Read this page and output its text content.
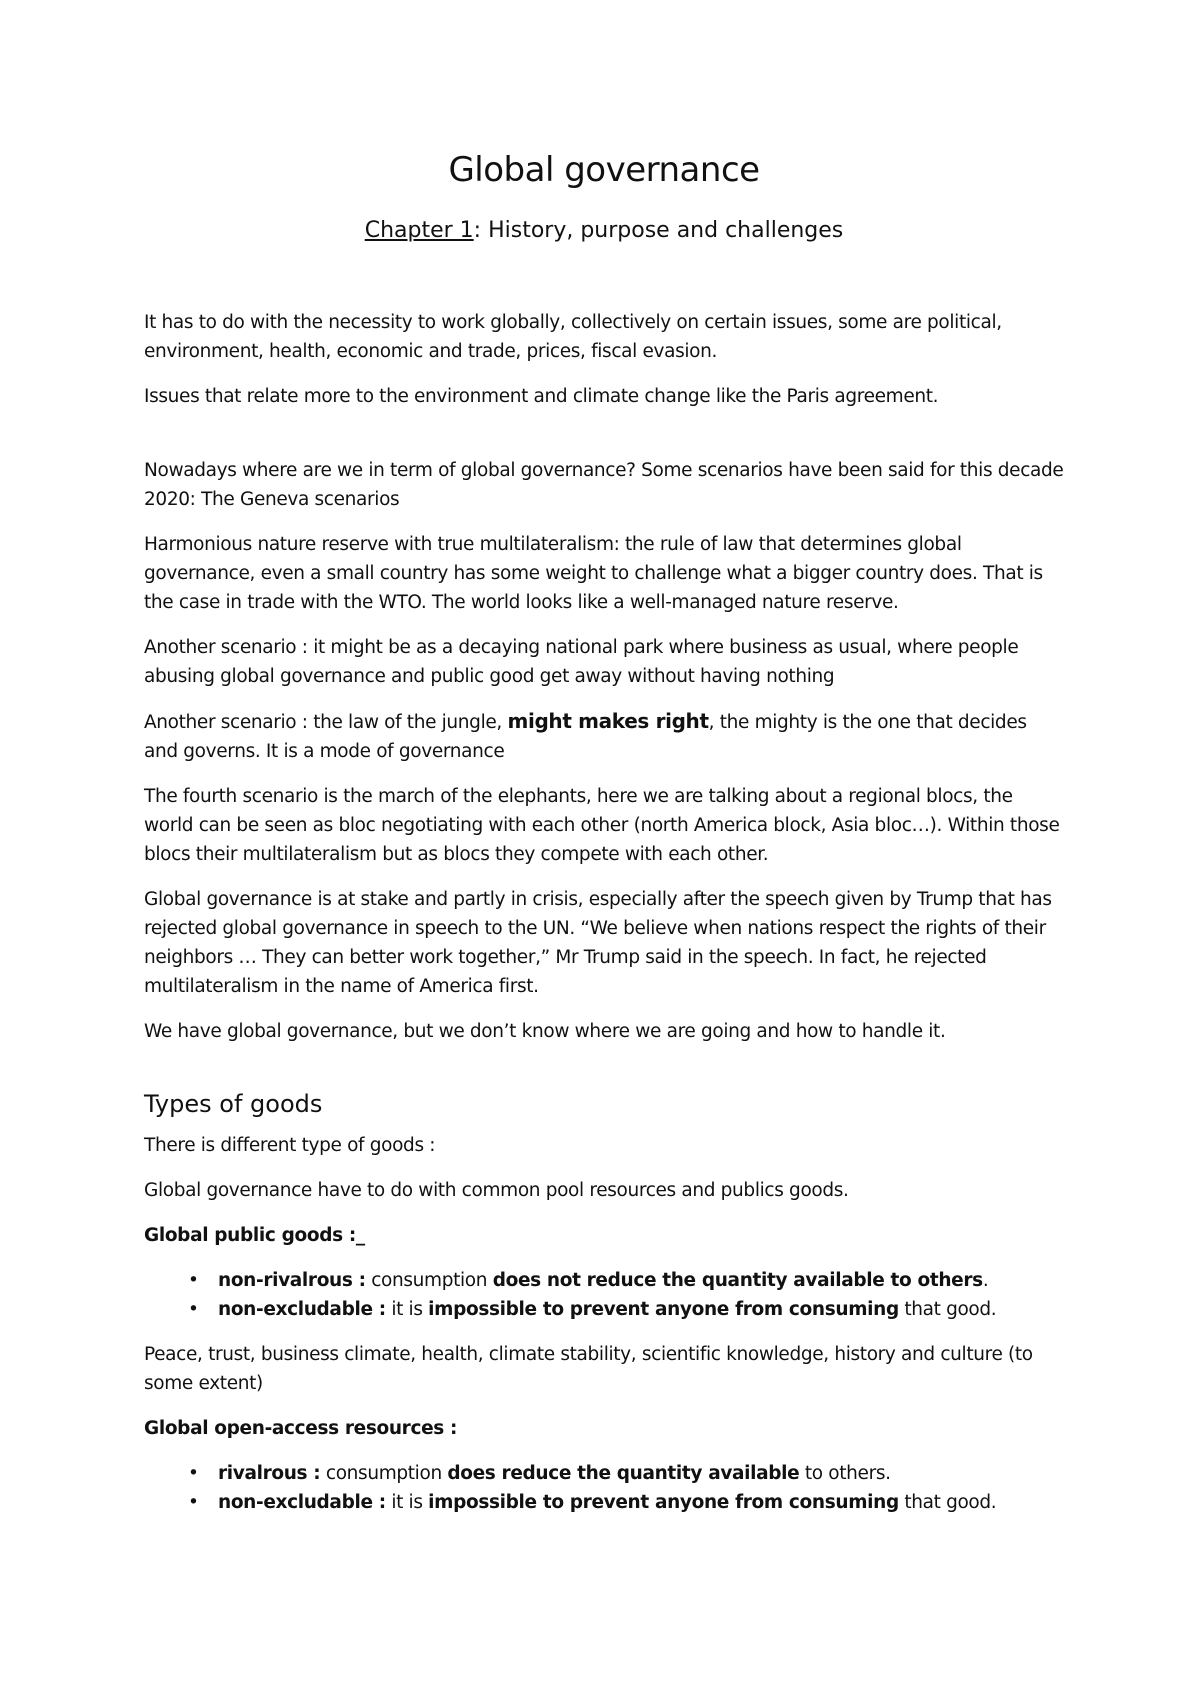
Global governance
Chapter 1: History, purpose and challenges

It has to do with the necessity to work globally, collectively on certain issues, some are political, environment, health, economic and trade, prices, fiscal evasion.

Issues that relate more to the environment and climate change like the Paris agreement.

Nowadays where are we in term of global governance? Some scenarios have been said for this decade 2020: The Geneva scenarios

Harmonious nature reserve with true multilateralism: the rule of law that determines global governance, even a small country has some weight to challenge what a bigger country does. That is the case in trade with the WTO. The world looks like a well-managed nature reserve.

Another scenario : it might be as a decaying national park where business as usual, where people abusing global governance and public good get away without having nothing

Another scenario : the law of the jungle, might makes right, the mighty is the one that decides and governs. It is a mode of governance

The fourth scenario is the march of the elephants, here we are talking about a regional blocs, the world can be seen as bloc negotiating with each other (north America block, Asia bloc…). Within those blocs their multilateralism but as blocs they compete with each other.

Global governance is at stake and partly in crisis, especially after the speech given by Trump that has rejected global governance in speech to the UN. “We believe when nations respect the rights of their neighbors … They can better work together,” Mr Trump said in the speech. In fact, he rejected multilateralism in the name of America first.

We have global governance, but we don’t know where we are going and how to handle it.

Types of goods

There is different type of goods :

Global governance have to do with common pool resources and publics goods.

Global public goods :_

• non-rivalrous : consumption does not reduce the quantity available to others.
• non-excludable : it is impossible to prevent anyone from consuming that good.

Peace, trust, business climate, health, climate stability, scientific knowledge, history and culture (to some extent)

Global open-access resources :

• rivalrous : consumption does reduce the quantity available to others.
• non-excludable : it is impossible to prevent anyone from consuming that good.
